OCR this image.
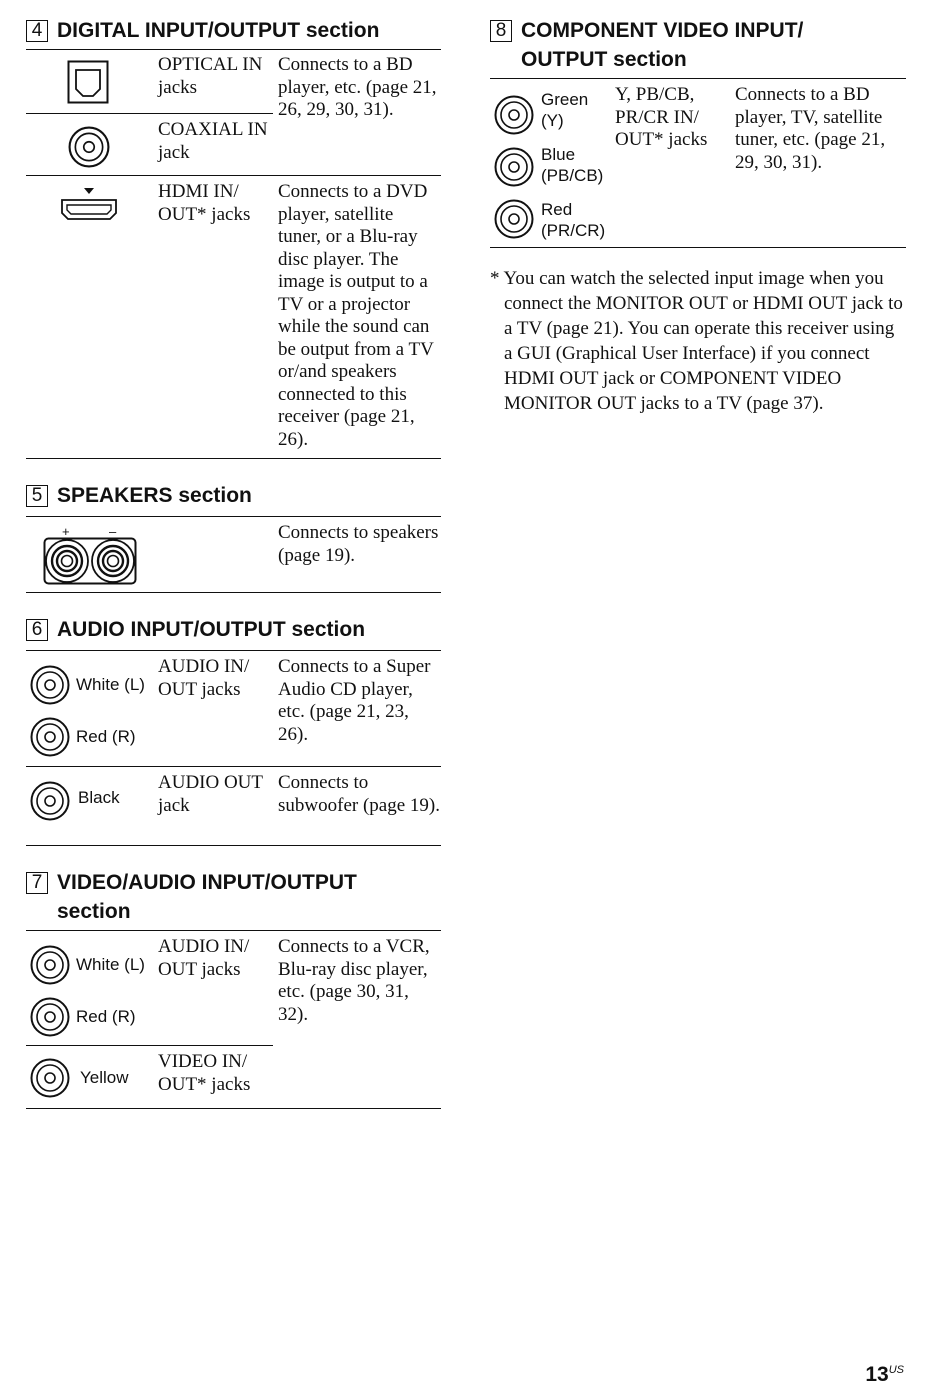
4 DIGITAL INPUT/OUTPUT section
OPTICAL IN jacks
COAXIAL IN jack
Connects to a BD player, etc. (page 21, 26, 29, 30, 31).
HDMI IN/ OUT* jacks
Connects to a DVD player, satellite tuner, or a Blu-ray disc player. The image is output to a TV or a projector while the sound can be output from a TV or/and speakers connected to this receiver (page 21, 26).
5 SPEAKERS section
+	–	Connects to speakers (page 19).
6 AUDIO INPUT/OUTPUT section
White (L)
Red (R)
AUDIO IN/ OUT jacks
Connects to a Super Audio CD player, etc. (page 21, 23, 26).
Black
AUDIO OUT jack
Connects to subwoofer (page 19).
7 VIDEO/AUDIO INPUT/OUTPUT section
White (L)
Red (R)
Yellow
AUDIO IN/ OUT jacks
VIDEO IN/ OUT* jacks
Connects to a VCR, Blu-ray disc player, etc. (page 30, 31, 32).
8 COMPONENT VIDEO INPUT/ OUTPUT section
Green (Y)
Blue (PB/CB)
Red (PR/CR)
Y, PB/CB, PR/CR IN/ OUT* jacks
Connects to a BD player, TV, satellite tuner, etc. (page 21, 29, 30, 31).

* You can watch the selected input image when you connect the MONITOR OUT or HDMI OUT jack to a TV (page 21). You can operate this receiver using a GUI (Graphical User Interface) if you connect HDMI OUT jack or COMPONENT VIDEO MONITOR OUT jacks to a TV (page 37).

$13^{US}$
